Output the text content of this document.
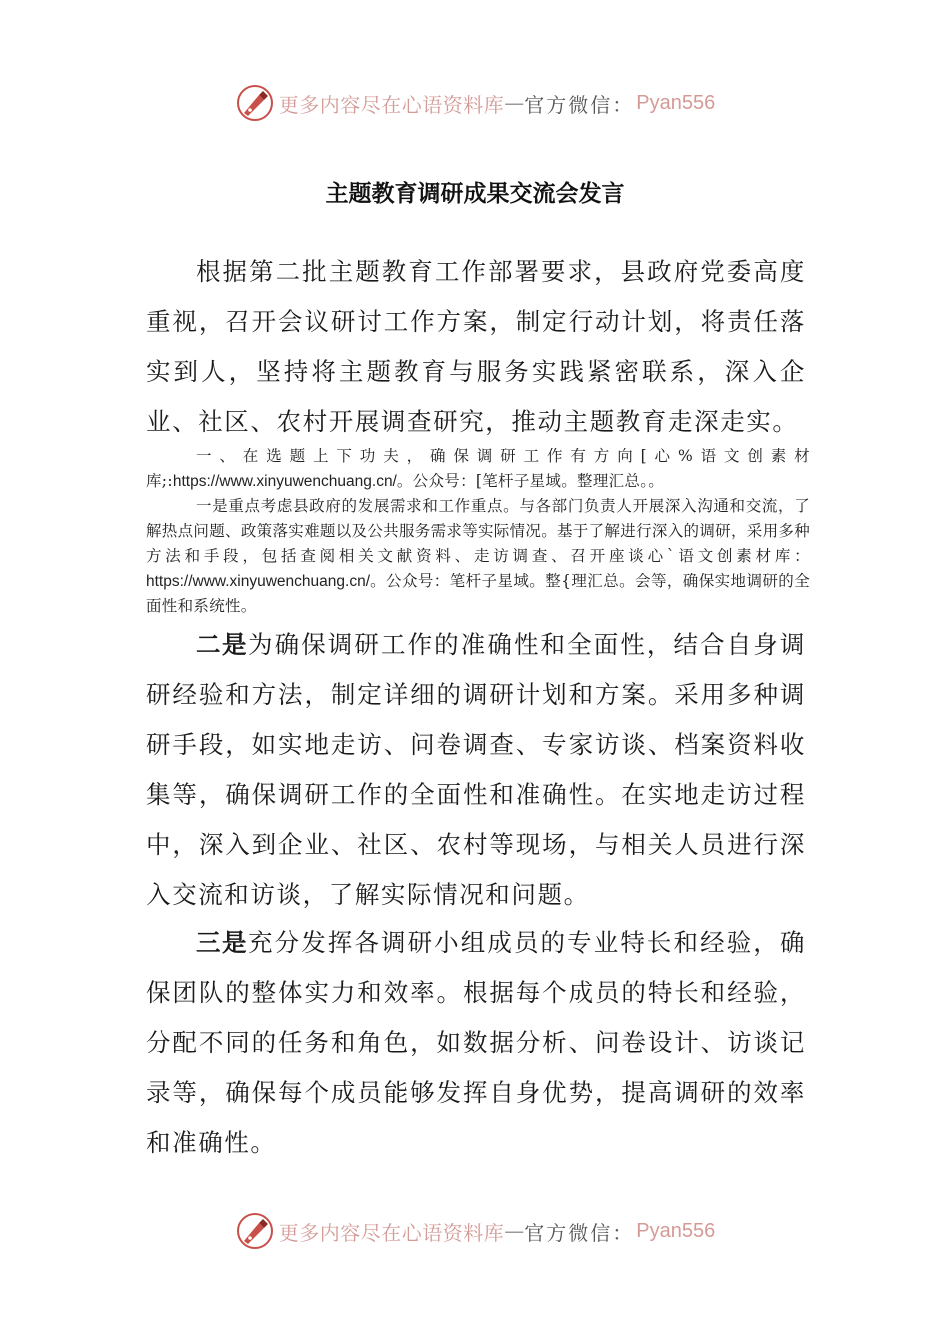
更多内容尽在心语资料库 — 官方微信： Pyan556
主题教育调研成果交流会发言

根据第二批主题教育工作部署要求，县政府党委高度重视，召开会议研讨工作方案，制定行动计划，将责任落实到人，坚持将主题教育与服务实践紧密联系，深入企业、社区、农村开展调查研究，推动主题教育走深走实。

一、在选题上下功夫，确保调研工作有方向[心%语文创素材库;:https://www.xinyuwenchuang.cn/。公众号：[笔杆子星域。整理汇总。。

一是重点考虑县政府的发展需求和工作重点。与各部门负责人开展深入沟通和交流，了解热点问题、政策落实难题以及公共服务需求等实际情况。基于了解进行深入的调研，采用多种方法和手段，包括查阅相关文献资料、走访调查、召开座谈心`语文创素材库：https://www.xinyuwenchuang.cn/。公众号：笔杆子星域。整{理汇总。会等，确保实地调研的全面性和系统性。

二是为确保调研工作的准确性和全面性，结合自身调研经验和方法，制定详细的调研计划和方案。采用多种调研手段，如实地走访、问卷调查、专家访谈、档案资料收集等，确保调研工作的全面性和准确性。在实地走访过程中，深入到企业、社区、农村等现场，与相关人员进行深入交流和访谈，了解实际情况和问题。

三是充分发挥各调研小组成员的专业特长和经验，确保团队的整体实力和效率。根据每个成员的特长和经验，分配不同的任务和角色，如数据分析、问卷设计、访谈记录等，确保每个成员能够发挥自身优势，提高调研的效率和准确性。

更多内容尽在心语资料库 — 官方微信： Pyan556
